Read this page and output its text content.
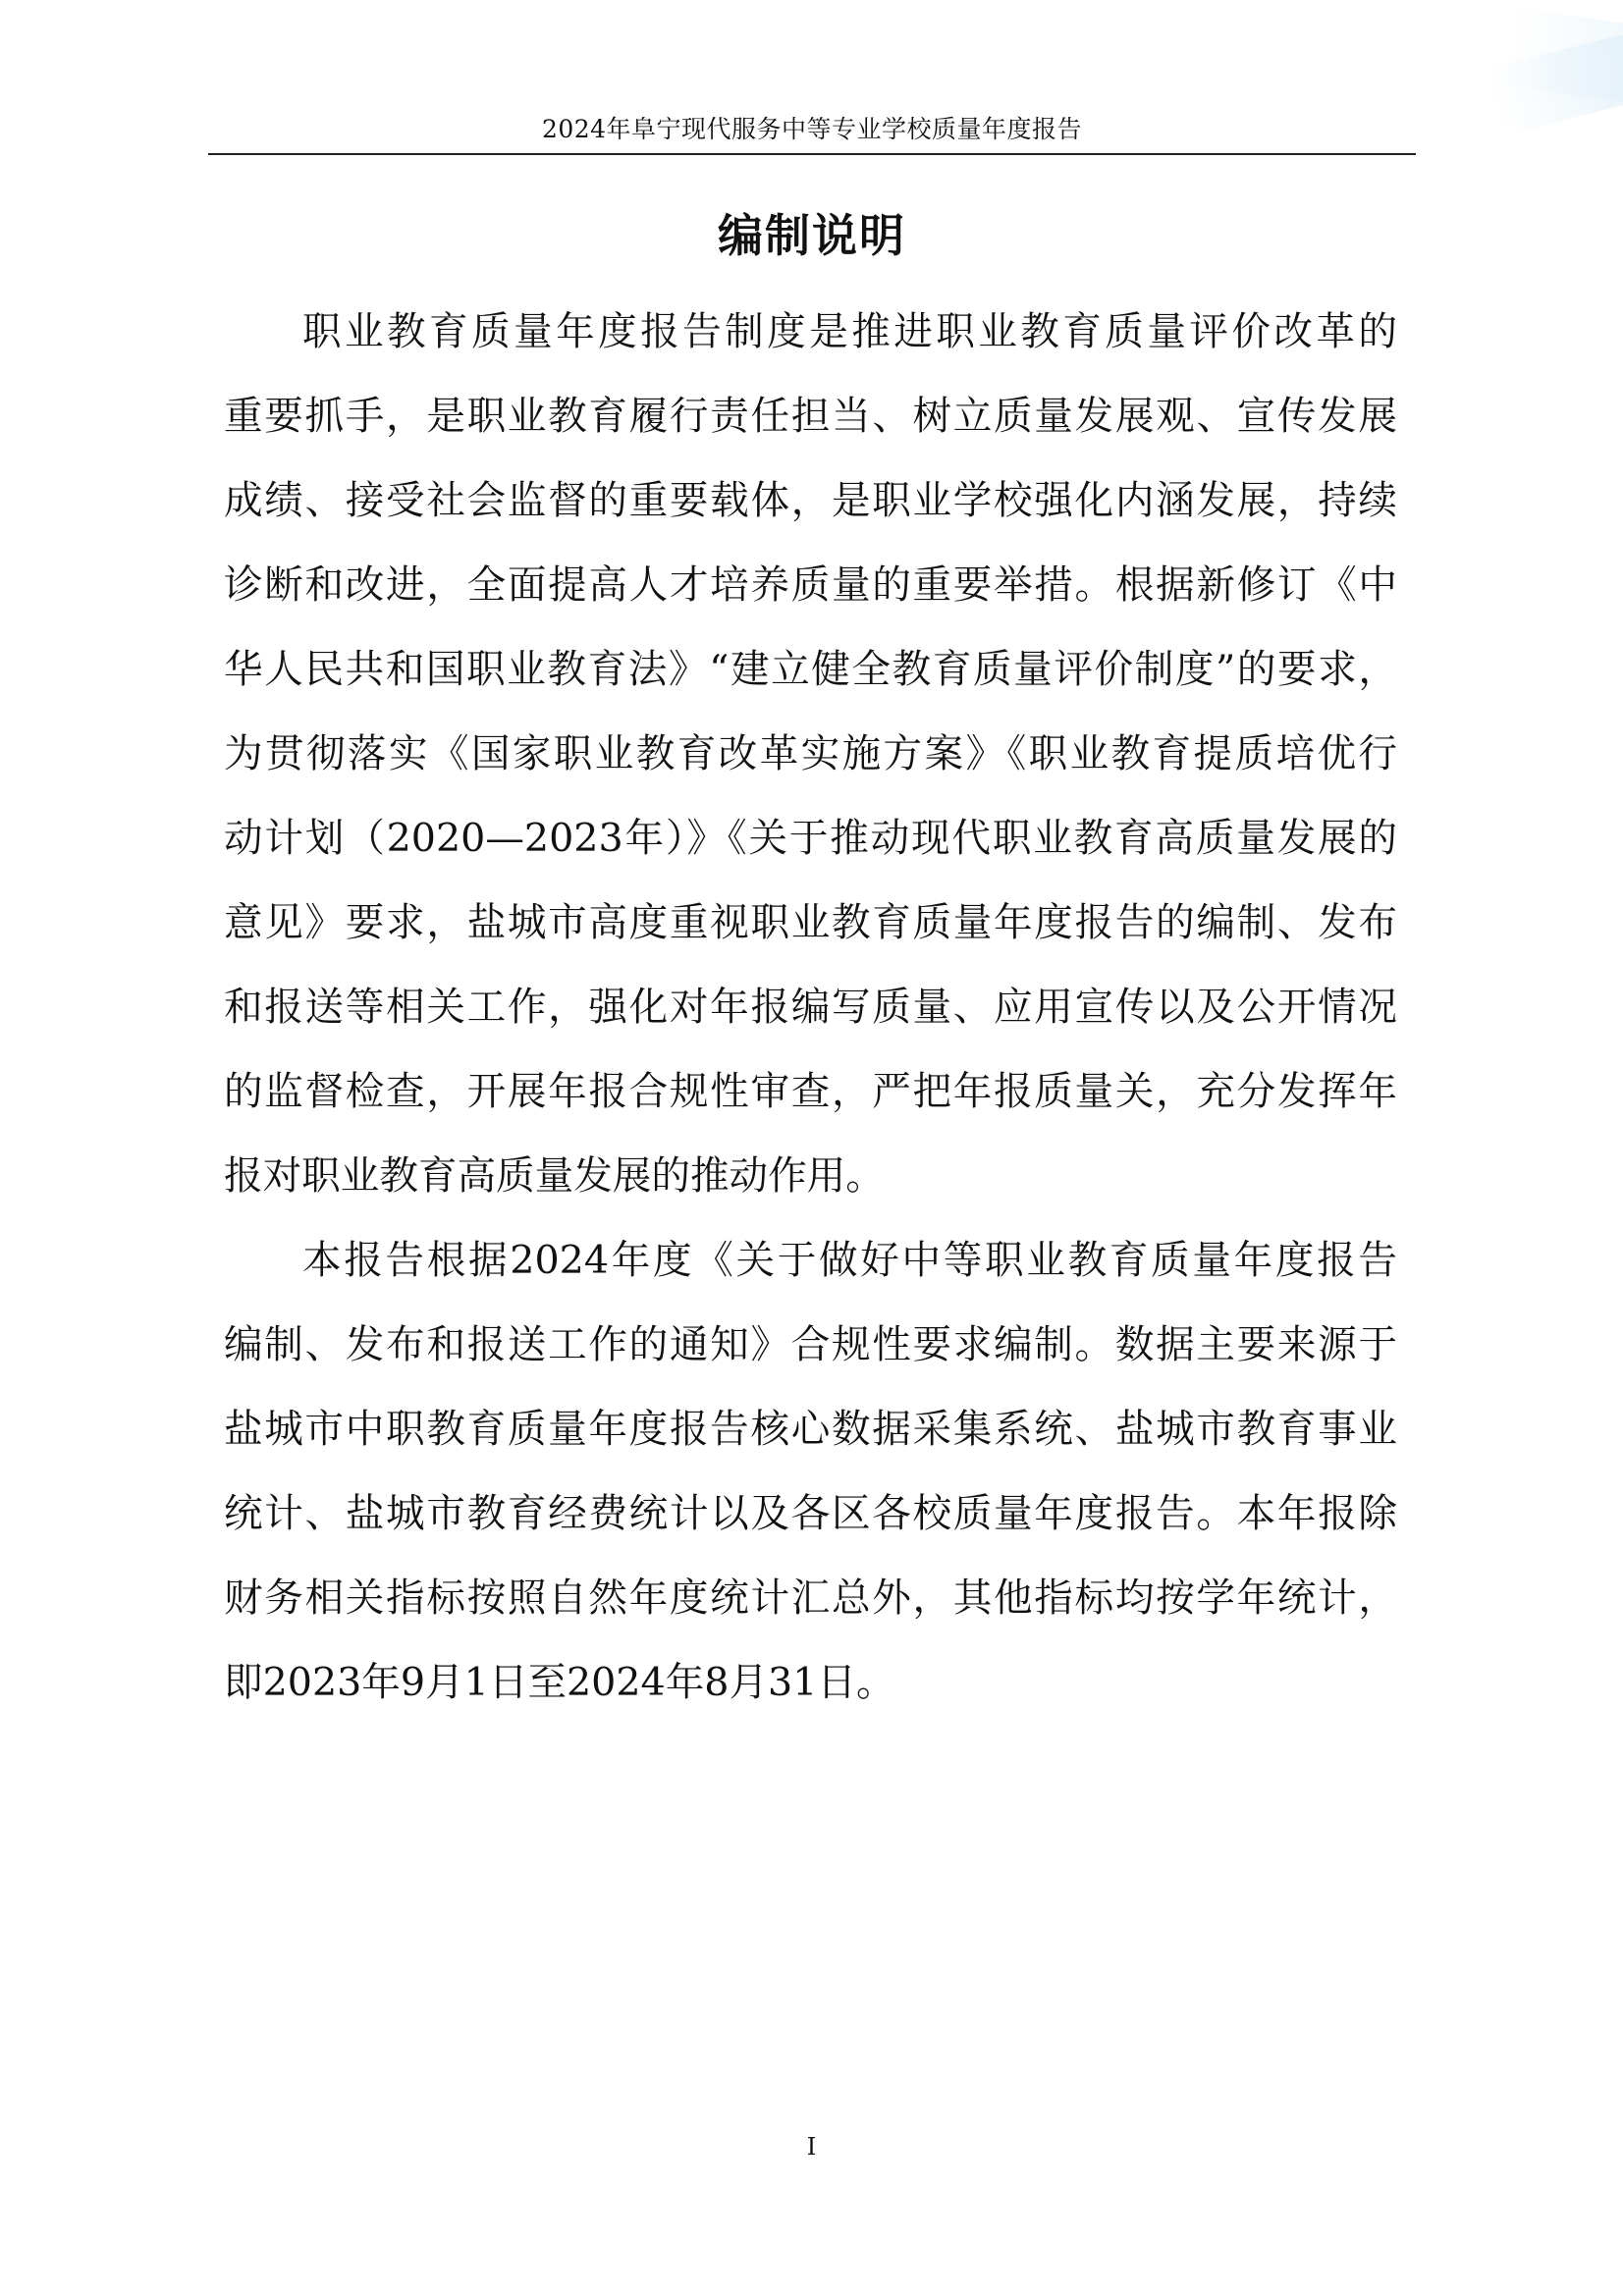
2024年阜宁现代服务中等专业学校质量年度报告
编制说明
职业教育质量年度报告制度是推进职业教育质量评价改革的
重要抓手，是职业教育履行责任担当、树立质量发展观、宣传发展
成绩、接受社会监督的重要载体，是职业学校强化内涵发展，持续
诊断和改进，全面提高人才培养质量的重要举措。根据新修订《中
华人民共和国职业教育法》“建立健全教育质量评价制度”的要求，
为贯彻落实《国家职业教育改革实施方案》《职业教育提质培优行
动计划（2020—2023年）》《关于推动现代职业教育高质量发展的
意见》要求，盐城市高度重视职业教育质量年度报告的编制、发布
和报送等相关工作，强化对年报编写质量、应用宣传以及公开情况
的监督检查，开展年报合规性审查，严把年报质量关，充分发挥年
报对职业教育高质量发展的推动作用。
本报告根据2024年度《关于做好中等职业教育质量年度报告
编制、发布和报送工作的通知》合规性要求编制。数据主要来源于
盐城市中职教育质量年度报告核心数据采集系统、盐城市教育事业
统计、盐城市教育经费统计以及各区各校质量年度报告。本年报除
财务相关指标按照自然年度统计汇总外，其他指标均按学年统计，
即2023年9月1日至2024年8月31日。
I
